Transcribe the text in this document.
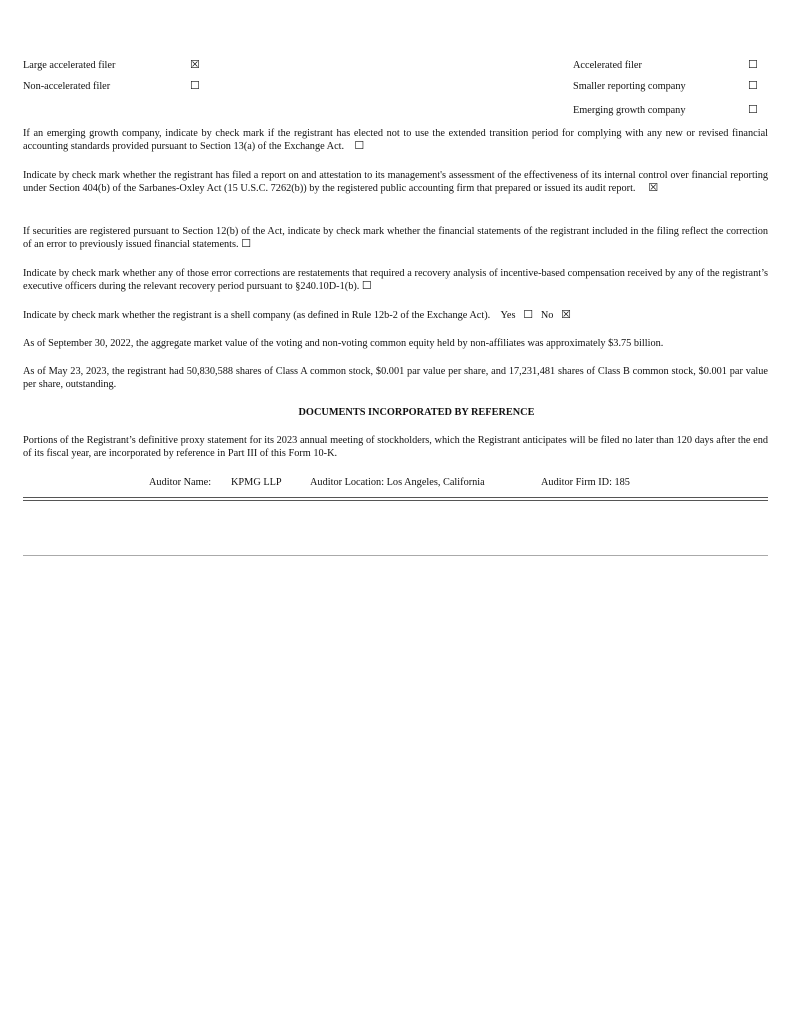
Large accelerated filer	☒	Accelerated filer	☐
Non-accelerated filer	☐	Smaller reporting company	☐
Emerging growth company	☐
If an emerging growth company, indicate by check mark if the registrant has elected not to use the extended transition period for complying with any new or revised financial accounting standards provided pursuant to Section 13(a) of the Exchange Act. ☐
Indicate by check mark whether the registrant has filed a report on and attestation to its management's assessment of the effectiveness of its internal control over financial reporting under Section 404(b) of the Sarbanes-Oxley Act (15 U.S.C. 7262(b)) by the registered public accounting firm that prepared or issued its audit report. ☒
If securities are registered pursuant to Section 12(b) of the Act, indicate by check mark whether the financial statements of the registrant included in the filing reflect the correction of an error to previously issued financial statements. ☐
Indicate by check mark whether any of those error corrections are restatements that required a recovery analysis of incentive-based compensation received by any of the registrant’s executive officers during the relevant recovery period pursuant to §240.10D-1(b). ☐
Indicate by check mark whether the registrant is a shell company (as defined in Rule 12b-2 of the Exchange Act). Yes ☐ No ☒
As of September 30, 2022, the aggregate market value of the voting and non-voting common equity held by non-affiliates was approximately $3.75 billion.
As of May 23, 2023, the registrant had 50,830,588 shares of Class A common stock, $0.001 par value per share, and 17,231,481 shares of Class B common stock, $0.001 par value per share, outstanding.
DOCUMENTS INCORPORATED BY REFERENCE
Portions of the Registrant’s definitive proxy statement for its 2023 annual meeting of stockholders, which the Registrant anticipates will be filed no later than 120 days after the end of its fiscal year, are incorporated by reference in Part III of this Form 10-K.
Auditor Name: KPMG LLP	Auditor Location: Los Angeles, California	Auditor Firm ID: 185
